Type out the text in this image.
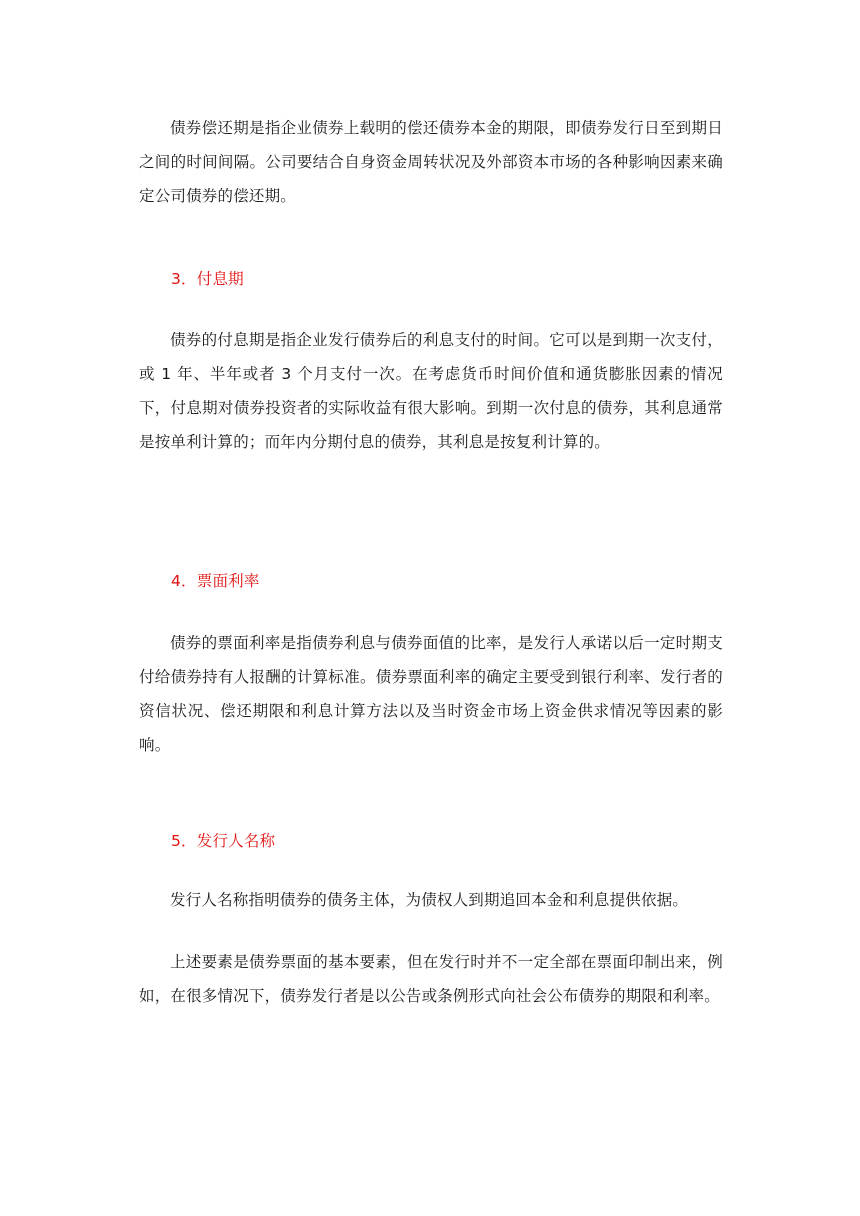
债券偿还期是指企业债券上载明的偿还债券本金的期限，即债券发行日至到期日之间的时间间隔。公司要结合自身资金周转状况及外部资本市场的各种影响因素来确定公司债券的偿还期。
3．付息期
债券的付息期是指企业发行债券后的利息支付的时间。它可以是到期一次支付，或 1 年、半年或者 3 个月支付一次。在考虑货币时间价值和通货膨胀因素的情况下，付息期对债券投资者的实际收益有很大影响。到期一次付息的债券，其利息通常是按单利计算的；而年内分期付息的债券，其利息是按复利计算的。
4．票面利率
债券的票面利率是指债券利息与债券面值的比率，是发行人承诺以后一定时期支付给债券持有人报酬的计算标准。债券票面利率的确定主要受到银行利率、发行者的资信状况、偿还期限和利息计算方法以及当时资金市场上资金供求情况等因素的影响。
5．发行人名称
发行人名称指明债券的债务主体，为债权人到期追回本金和利息提供依据。
上述要素是债券票面的基本要素，但在发行时并不一定全部在票面印制出来，例如，在很多情况下，债券发行者是以公告或条例形式向社会公布债券的期限和利率。
